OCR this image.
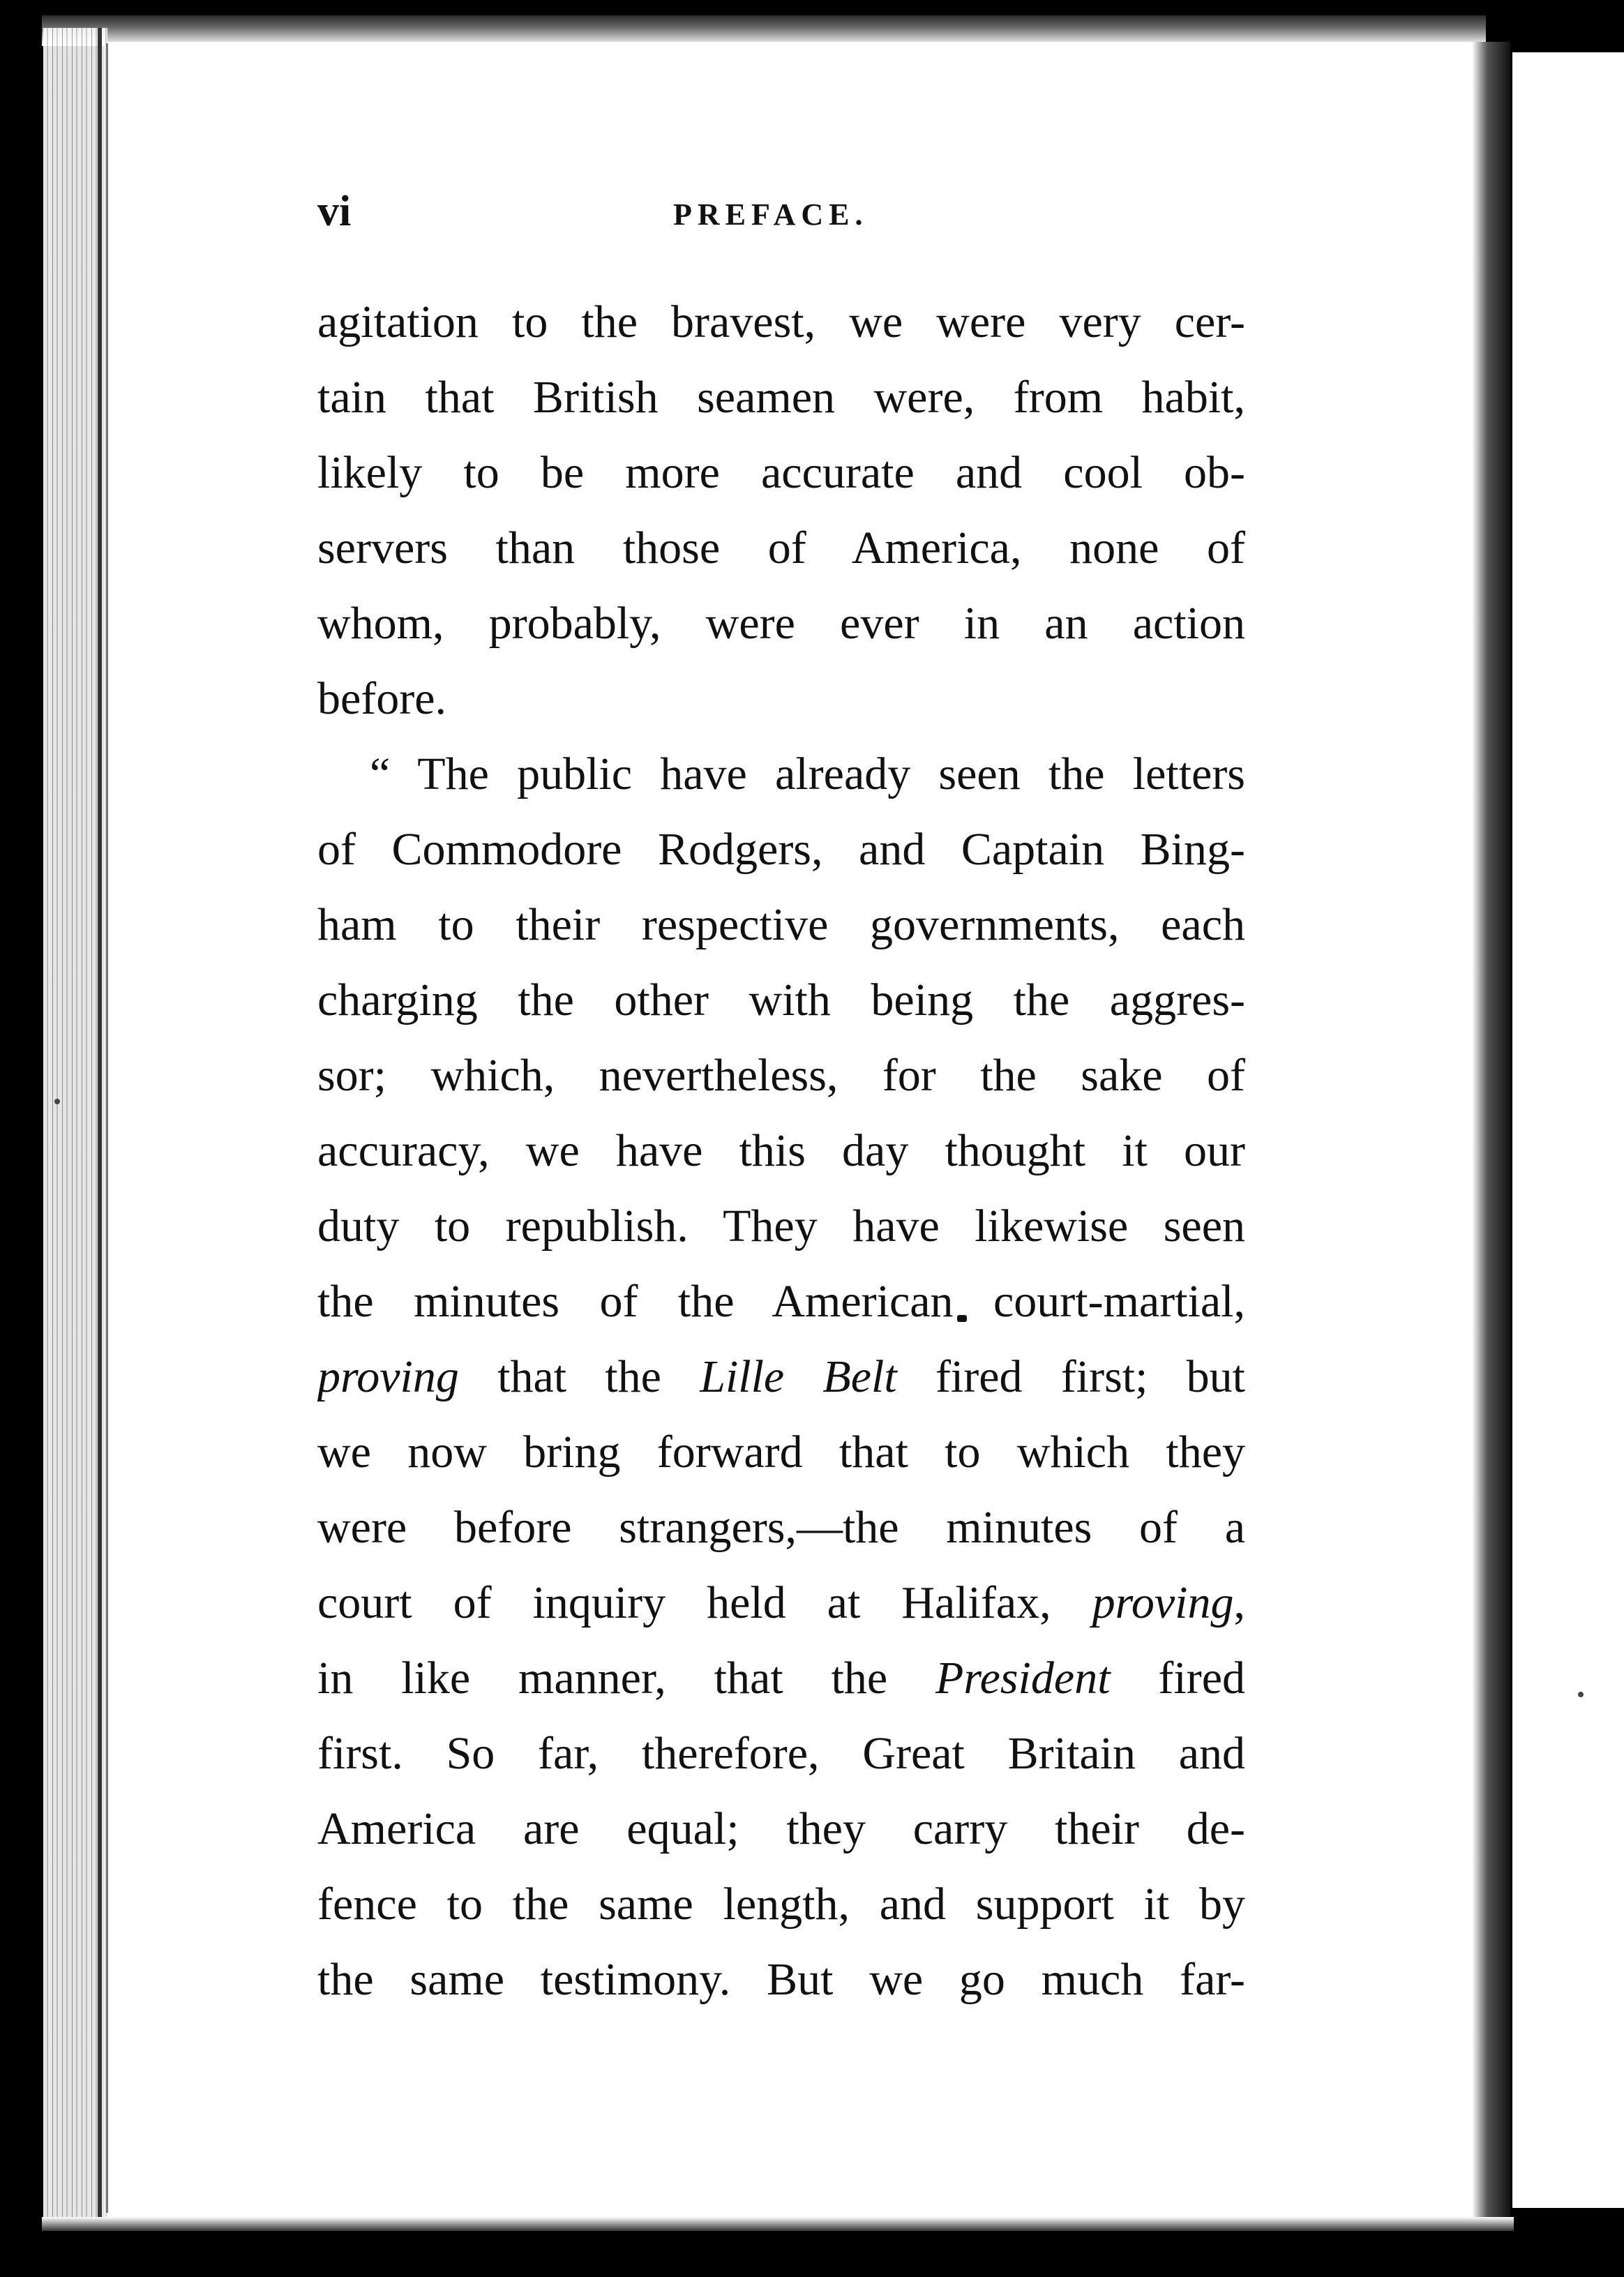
vi	PREFACE.
agitation to the bravest, we were very cer-
tain that British seamen were, from habit,
likely to be more accurate and cool ob-
servers than those of America, none of
whom, probably, were ever in an action
before.
“ The public have already seen the letters
of Commodore Rodgers, and Captain Bing-
ham to their respective governments, each
charging the other with being the aggres-
sor; which, nevertheless, for the sake of
accuracy, we have this day thought it our
duty to republish. They have likewise seen
the minutes of the American court-martial,
proving that the Lille Belt fired first; but
we now bring forward that to which they
were before strangers,—the minutes of a
court of inquiry held at Halifax, proving,
in like manner, that the President fired
first. So far, therefore, Great Britain and
America are equal; they carry their de-
fence to the same length, and support it by
the same testimony. But we go much far-
